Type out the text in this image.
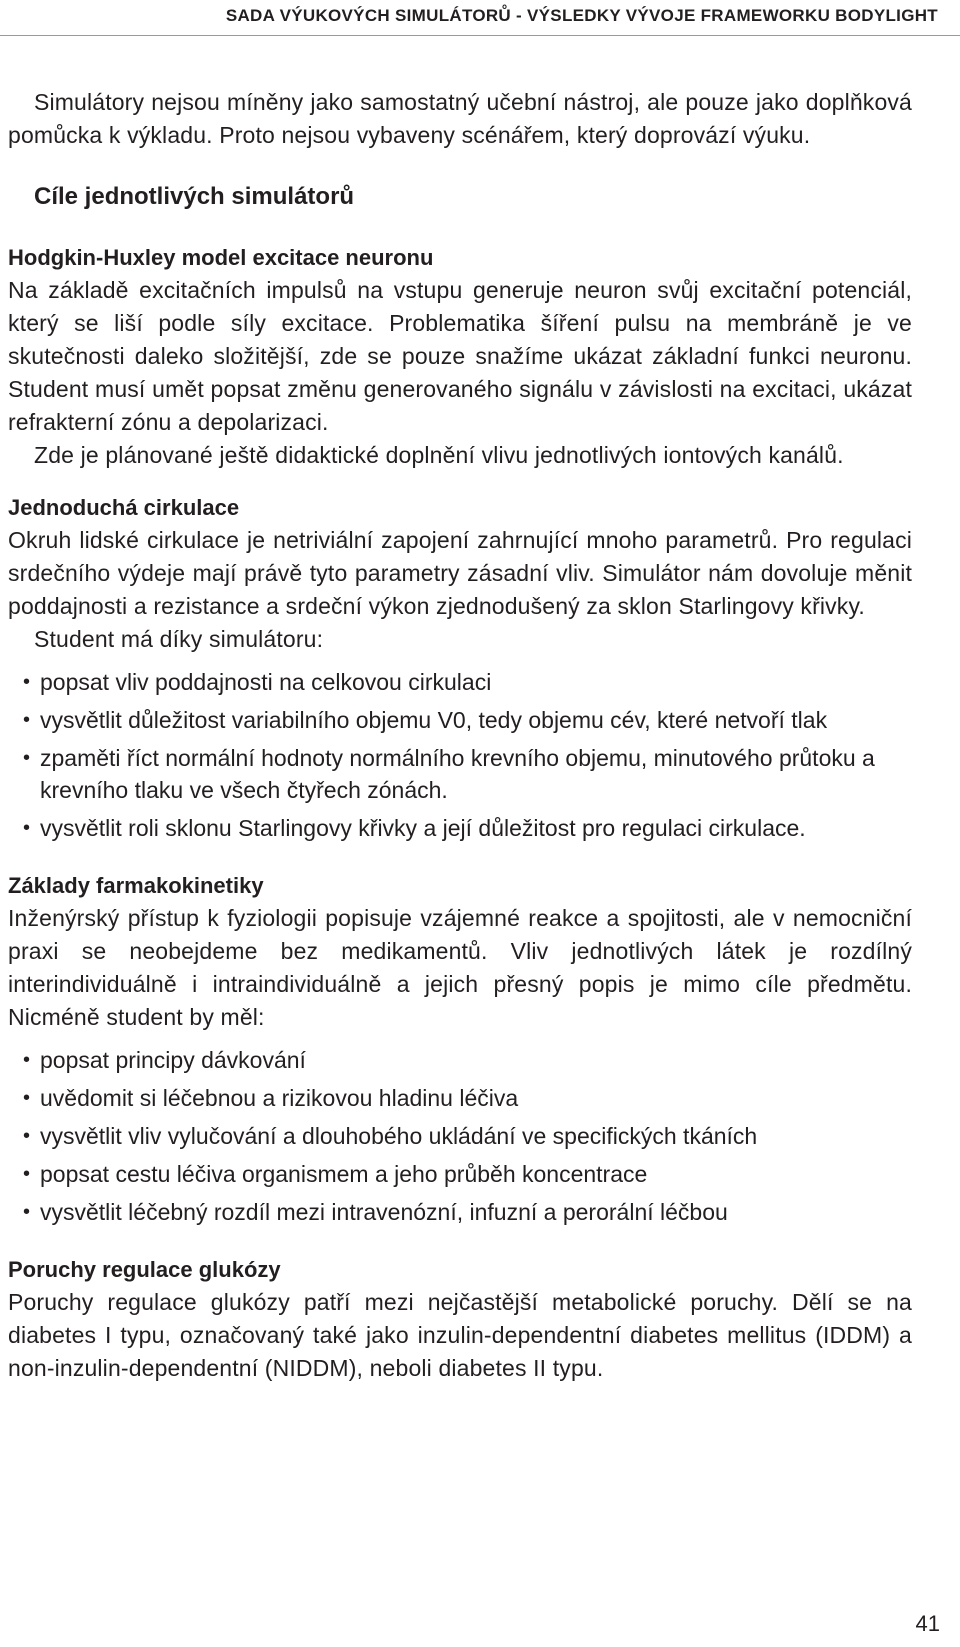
SADA VÝUKOVÝCH SIMULÁTORŮ - VÝSLEDKY VÝVOJE FRAMEWORKU BODYLIGHT

Simulátory nejsou míněny jako samostatný učební nástroj, ale pouze jako doplňková pomůcka k výkladu. Proto nejsou vybaveny scénářem, který doprovází výuku.

Cíle jednotlivých simulátorů
Hodgkin-Huxley model excitace neuronu

Na základě excitačních impulsů na vstupu generuje neuron svůj excitační potenciál, který se liší podle síly excitace. Problematika šíření pulsu na membráně je ve skutečnosti daleko složitější, zde se pouze snažíme ukázat základní funkci neuronu. Student musí umět popsat změnu generovaného signálu v závislosti na excitaci, ukázat refrakterní zónu a depolarizaci.

Zde je plánované ještě didaktické doplnění vlivu jednotlivých iontových kanálů.

Jednoduchá cirkulace

Okruh lidské cirkulace je netriviální zapojení zahrnující mnoho parametrů. Pro regulaci srdečního výdeje mají právě tyto parametry zásadní vliv. Simulátor nám dovoluje měnit poddajnosti a rezistance a srdeční výkon zjednodušený za sklon Starlingovy křivky.

Student má díky simulátoru:

• popsat vliv poddajnosti na celkovou cirkulaci
• vysvětlit důležitost variabilního objemu V0, tedy objemu cév, které netvoří tlak
• zpaměti říct normální hodnoty normálního krevního objemu, minutového průtoku a krevního tlaku ve všech čtyřech zónách.
• vysvětlit roli sklonu Starlingovy křivky a její důležitost pro regulaci cirkulace.
Základy farmakokinetiky

Inženýrský přístup k fyziologii popisuje vzájemné reakce a spojitosti, ale v nemocniční praxi se neobejdeme bez medikamentů. Vliv jednotlivých látek je rozdílný interindividuálně i intraindividuálně a jejich přesný popis je mimo cíle předmětu. Nicméně student by měl:

• popsat principy dávkování
• uvědomit si léčebnou a rizikovou hladinu léčiva
• vysvětlit vliv vylučování a dlouhobého ukládání ve specifických tkáních
• popsat cestu léčiva organismem a jeho průběh koncentrace
• vysvětlit léčebný rozdíl mezi intravenózní, infuzní a perorální léčbou
Poruchy regulace glukózy

Poruchy regulace glukózy patří mezi nejčastější metabolické poruchy. Dělí se na diabetes I typu, označovaný také jako inzulin-dependentní diabetes mellitus (IDDM) a non-inzulin-dependentní (NIDDM), neboli diabetes II typu.

41
